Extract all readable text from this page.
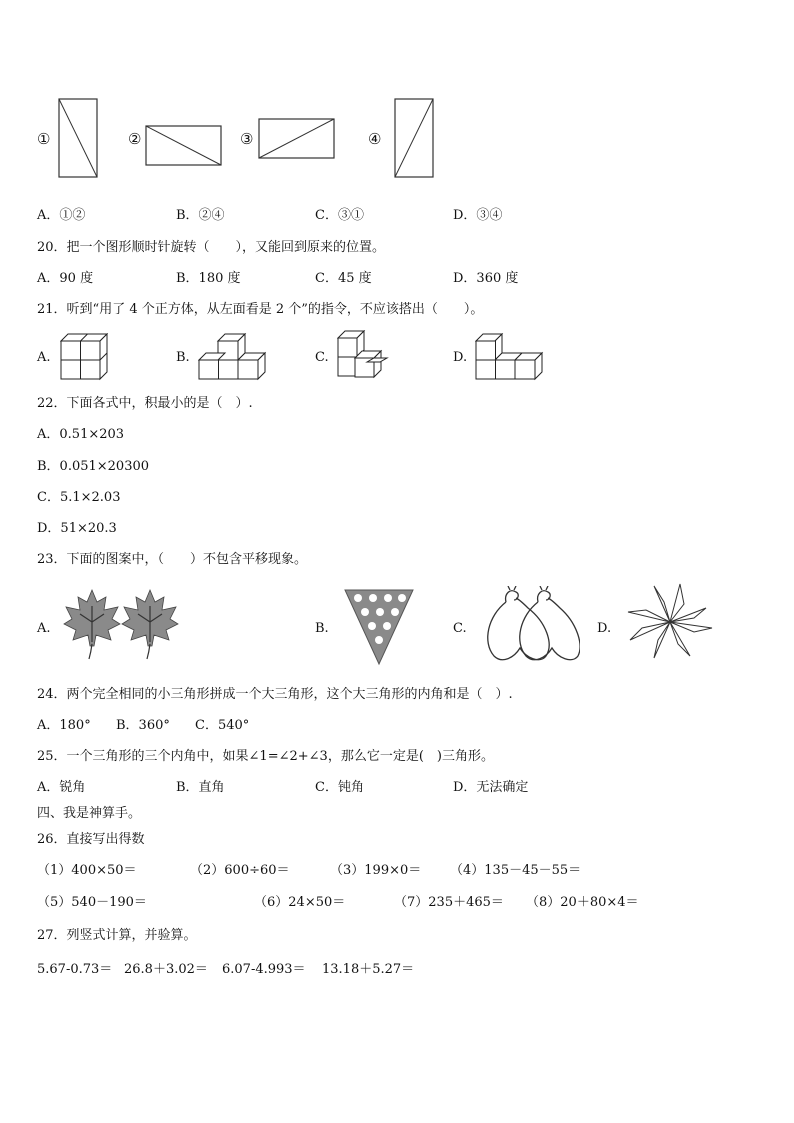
①	②	③	④
A．①②	B．②④	C．③①	D．③④
20．把一个图形顺时针旋转（　　），又能回到原来的位置。
A．90 度	B．180 度	C．45 度	D．360 度
21．听到“用了 4 个正方体，从左面看是 2 个”的指令，不应该搭出（　　）。
A.	B.	C.	D.
22．下面各式中，积最小的是（　）.
A．0.51×203
B．0.051×20300
C．5.1×2.03
D．51×20.3
23．下面的图案中，（　　）不包含平移现象。
A.	B.	C.	D.
24．两个完全相同的小三角形拼成一个大三角形，这个大三角形的内角和是（　）.
A．180° B．360° C．540°
25．一个三角形的三个内角中，如果∠1=∠2+∠3，那么它一定是(　)三角形。
A．锐角	B．直角	C．钝角	D．无法确定
四、我是神算手。
26．直接写出得数
（1）400×50＝	（2）600÷60＝	（3）199×0＝ （4）135－45－55＝
（5）540－190＝	（6）24×50＝	（7）235＋465＝ （8）20＋80×4＝
27．列竖式计算，并验算。
5.67-0.73＝ 26.8＋3.02＝ 6.07-4.993＝ 13.18＋5.27＝
